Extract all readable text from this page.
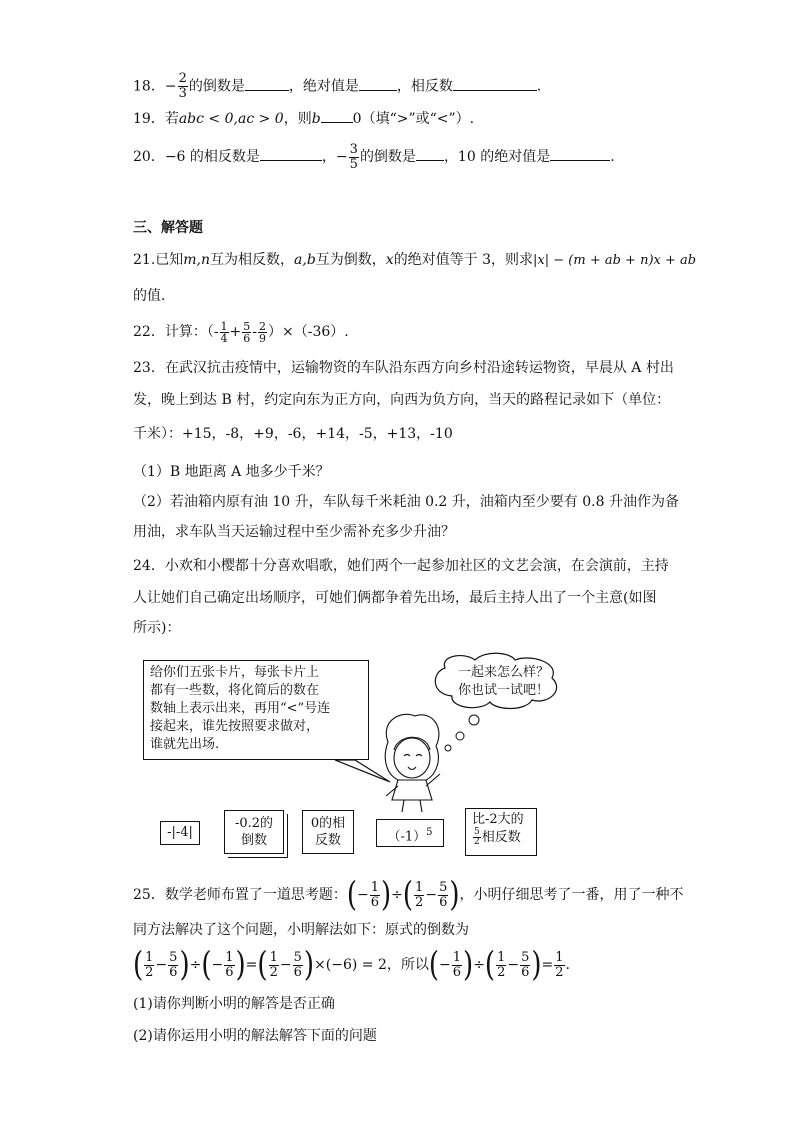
18．− $\frac{2}{3}$ 的倒数是	，绝对值是	，相反数	．
19．若abc < 0,ac > 0，则b 0（填“>”或“<”）.
20．−6 的相反数是	，− $\frac{3}{5}$ 的倒数是 ，10 的绝对值是	.
三、解答题
21.已知m,n互为相反数，a,b互为倒数，x的绝对值等于 3，则求|x| − (m + ab + n)x + ab
的值．
22．计算：（- $\frac{1}{4} + \frac{5}{6} - \frac{2}{9} )\times(-36)$.
23．在武汉抗击疫情中，运输物资的车队沿东西方向乡村沿途转运物资，早晨从 A 村出
发，晚上到达 B 村，约定向东为正方向，向西为负方向，当天的路程记录如下（单位：
千米）：+15，-8，+9，-6，+14，-5，+13，-10
（1）B 地距离 A 地多少千米？
（2）若油箱内原有油 10 升，车队每千米耗油 0.2 升，油箱内至少要有 0.8 升油作为备
用油，求车队当天运输过程中至少需补充多少升油？
24．小欢和小樱都十分喜欢唱歌，她们两个一起参加社区的文艺会演，在会演前，主持
人让她们自己确定出场顺序，可她们俩都争着先出场，最后主持人出了一个主意(如图
所示)：
给你们五张卡片，每张卡片上
都有一些数，将化简后的数在
数轴上表示出来，再用“<”号连
接起来，谁先按照要求做对，
谁就先出场.
一起来怎么样？
你也试一试吧！
-|-4|
-0.2的
倒数
0的相
反数	$(-1)^5$
比-2大的
$\frac{5}{2}$ 相反数
25．数学老师布置了一道思考题：(− $\frac{1}{6}$ )÷( $\frac{1}{2} - \frac{5}{6}$ )，小明仔细思考了一番，用了一种不
同方法解决了这个问题，小明解法如下：原式的倒数为
( $\frac{1}{2} - \frac{5}{6}$ )÷(− $\frac{1}{6}$ )=( $\frac{1}{2} - \frac{5}{6} )\times(-6) = 2$，所以(− $\frac{1}{6}$ )÷( $\frac{1}{2} - \frac{5}{6}$ )= $\frac{1}{2}$ .
(1)请你判断小明的解答是否正确
(2)请你运用小明的解法解答下面的问题
